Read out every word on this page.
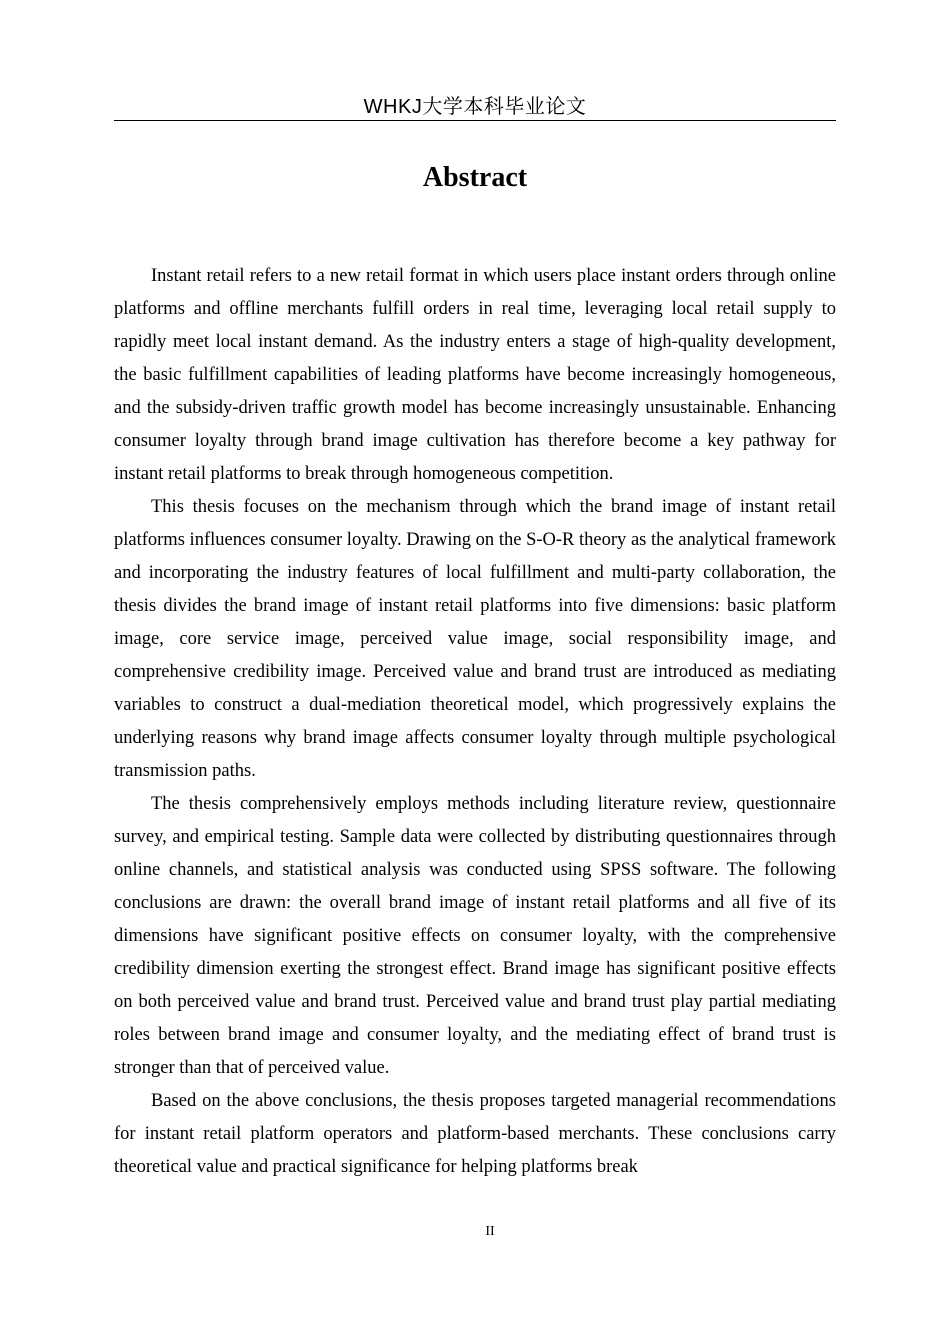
WHKJ大学本科毕业论文
Abstract

Instant retail refers to a new retail format in which users place instant orders through online platforms and offline merchants fulfill orders in real time, leveraging local retail supply to rapidly meet local instant demand. As the industry enters a stage of high-quality development, the basic fulfillment capabilities of leading platforms have become increasingly homogeneous, and the subsidy-driven traffic growth model has become increasingly unsustainable. Enhancing consumer loyalty through brand image cultivation has therefore become a key pathway for instant retail platforms to break through homogeneous competition.

This thesis focuses on the mechanism through which the brand image of instant retail platforms influences consumer loyalty. Drawing on the S-O-R theory as the analytical framework and incorporating the industry features of local fulfillment and multi-party collaboration, the thesis divides the brand image of instant retail platforms into five dimensions: basic platform image, core service image, perceived value image, social responsibility image, and comprehensive credibility image. Perceived value and brand trust are introduced as mediating variables to construct a dual-mediation theoretical model, which progressively explains the underlying reasons why brand image affects consumer loyalty through multiple psychological transmission paths.

The thesis comprehensively employs methods including literature review, questionnaire survey, and empirical testing. Sample data were collected by distributing questionnaires through online channels, and statistical analysis was conducted using SPSS software. The following conclusions are drawn: the overall brand image of instant retail platforms and all five of its dimensions have significant positive effects on consumer loyalty, with the comprehensive credibility dimension exerting the strongest effect. Brand image has significant positive effects on both perceived value and brand trust. Perceived value and brand trust play partial mediating roles between brand image and consumer loyalty, and the mediating effect of brand trust is stronger than that of perceived value.

Based on the above conclusions, the thesis proposes targeted managerial recommendations for instant retail platform operators and platform-based merchants. These conclusions carry theoretical value and practical significance for helping platforms break

II
